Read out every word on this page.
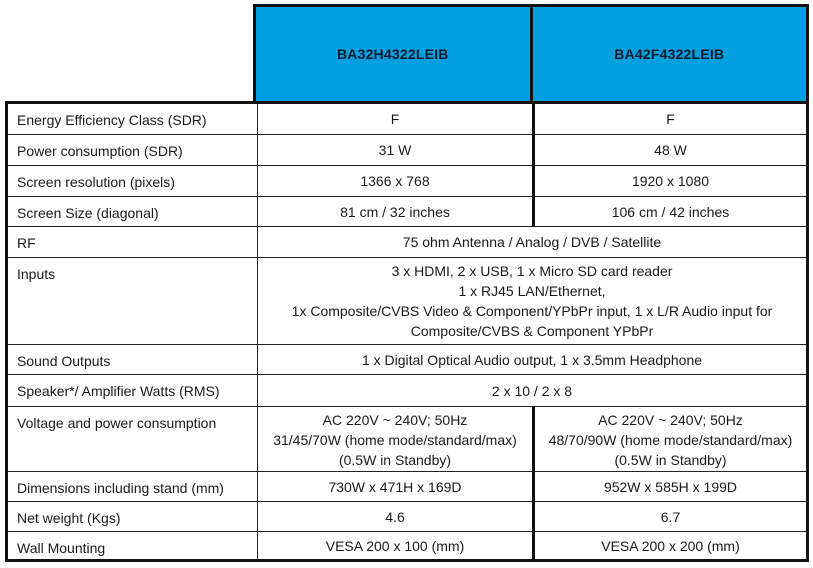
BA32H4322LEIB	BA42F4322LEIB
Energy Efficiency Class (SDR)	F	F
Power consumption (SDR)	31 W	48 W
Screen resolution (pixels)	1366 x 768	1920 x 1080
Screen Size (diagonal)	81 cm / 32 inches	106 cm / 42 inches
RF	75 ohm Antenna / Analog / DVB / Satellite	
Inputs	3 x HDMI, 2 x USB, 1 x Micro SD card reader
1 x RJ45 LAN/Ethernet,
1x Composite/CVBS Video & Component/YPbPr input, 1 x L/R Audio input for
Composite/CVBS & Component YPbPr	

Sound Outputs	1 x Digital Optical Audio output, 1 x 3.5mm Headphone	
Speaker*/ Amplifier Watts (RMS)	2 x 10 / 2 x 8	
Voltage and power consumption	AC 220V ~ 240V; 50Hz
31/45/70W (home mode/standard/max)
(0.5W in Standby)

AC 220V ~ 240V; 50Hz
48/70/90W (home mode/standard/max)
(0.5W in Standby)

Dimensions including stand (mm)	730W x 471H x 169D	952W x 585H x 199D
Net weight (Kgs)	4.6	6.7
Wall Mounting	VESA 200 x 100 (mm)	VESA 200 x 200 (mm)
